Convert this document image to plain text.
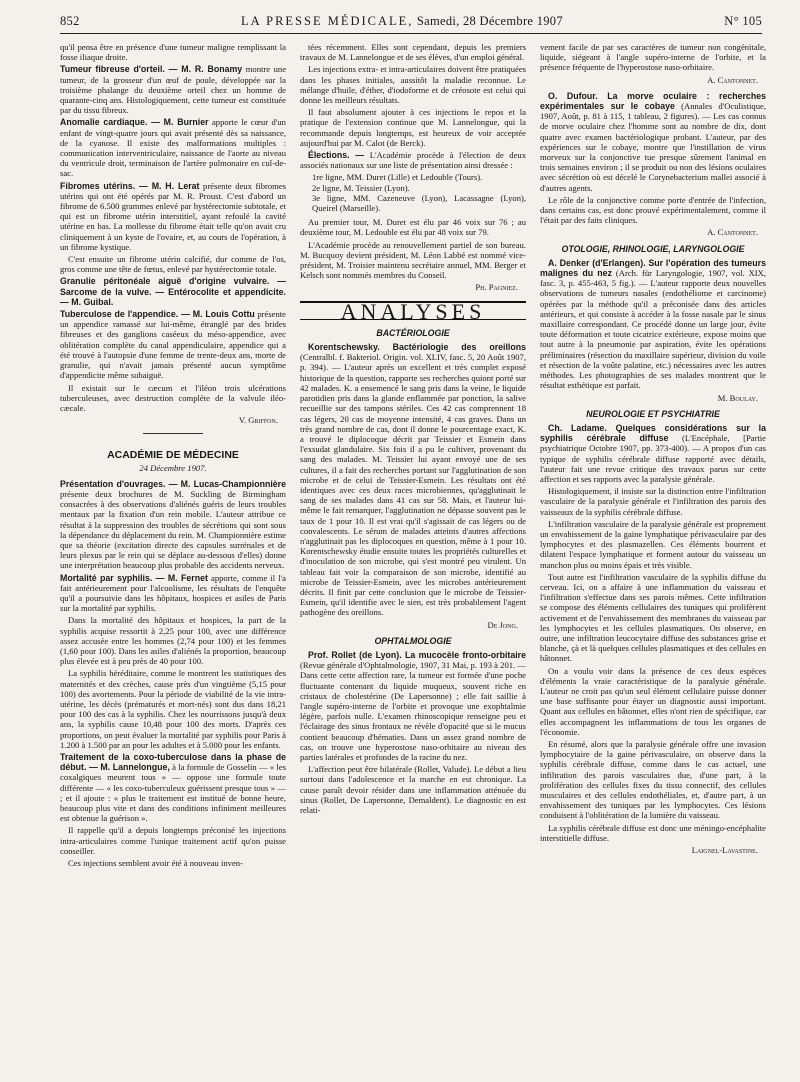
852	LA PRESSE MÉDICALE, Samedi, 28 Décembre 1907	N° 105

qu'il pensa être en présence d'une tumeur maligne remplissant la fosse iliaque droite.

Tumeur fibreuse d'orteil. — M. R. Bonamy montre une tumeur, de la grosseur d'un œuf de poule, développée sur la troisième phalange du deuxième orteil chez un homme de quarante-cinq ans. Histologiquement, cette tumeur est constituée par du tissu fibreux.

Anomalie cardiaque. — M. Burnier apporte le cœur d'un enfant de vingt-quatre jours qui avait présenté dès sa naissance, de la cyanose. Il existe des malformations multiples : communication interventriculaire, naissance de l'aorte au niveau du ventricule droit, terminaison de l'artère pulmonaire en cul-de-sac.

Fibromes utérins. — M. H. Lerat présente deux fibromes utérins qui ont été opérés par M. R. Proust. C'est d'abord un fibrome de 6.500 grammes enlevé par hystérectomie subtotale, et qui est un fibrome utérin interstitiel, ayant refoulé la cavité utérine en bas. La mollesse du fibrome était telle qu'on avait cru cliniquement à un kyste de l'ovaire, et, au cours de l'opération, à un fibrome kystique.

C'est ensuite un fibrome utérin calcifié, dur comme de l'os, gros comme une tête de fœtus, enlevé par hystérectomie totale.

Granulie péritonéale aiguë d'origine vulvaire. — Sarcome de la vulve. — Entérocolite et appendicite. — M. Guibal.

Tuberculose de l'appendice. — M. Louis Cottu présente un appendice ramassé sur lui-même, étranglé par des brides fibreuses et des ganglions caséeux du méso-appendice, avec oblitération complète du canal appendiculaire, appendice qui a été trouvé à l'autopsie d'une femme de trente-deux ans, morte de granulie, qui n'avait jamais présenté aucun symptôme d'appendicite même subaiguë.

Il existait sur le cæcum et l'iléon trois ulcérations tuberculeuses, avec destruction complète de la valvule iléo-cæcale.

V. Griffon.
ACADÉMIE DE MÉDECINE
24 Décembre 1907.

Présentation d'ouvrages. — M. Lucas-Championnière présente deux brochures de M. Suckling de Birmingham consacrées à des observations d'aliénés guéris de leurs troubles mentaux par la fixation d'un rein mobile. L'auteur attribue ce résultat à la suppression des troubles de sécrétions qui sont sous la dépendance du déplacement du rein. M. Championnière estime que sa théorie (excitation directe des capsules surrénales et de leurs plexus par le rein qui se déplace au-dessous d'elles) donne une interprétation beaucoup plus probable des accidents nerveux.

Mortalité par syphilis. — M. Fernet apporte, comme il l'a fait antérieurement pour l'alcoolisme, les résultats de l'enquête qu'il a poursuivie dans les hôpitaux, hospices et asiles de Paris sur la mortalité par syphilis.

Dans la mortalité des hôpitaux et hospices, la part de la syphilis acquise ressortit à 2,25 pour 100, avec une différence assez accusée entre les hommes (2,74 pour 100) et les femmes (1,60 pour 100). Dans les asiles d'aliénés la proportion, beaucoup plus élevée est à peu près de 40 pour 100.

La syphilis héréditaire, comme le montrent les statistiques des maternités et des crèches, cause près d'un vingtième (5,15 pour 100) des avortements. Pour la période de viabilité de la vie intra-utérine, les décès (prématurés et mort-nés) sont dus dans 18,21 pour 100 des cas à la syphilis. Chez les nourrissons jusqu'à deux ans, la syphilis cause 10,48 pour 100 des morts. D'après ces proportions, on peut évaluer la mortalité par syphilis pour Paris à 1.200 à 1.500 par an pour les adultes et à 5.000 pour les enfants.

Traitement de la coxo-tuberculose dans la phase de début. — M. Lannelongue, à la formule de Gosselin — « les coxalgiques meurent tous » — oppose une formule toute différente — « les coxo-tuberculeux guérissent presque tous » — ; et il ajoute : « plus le traitement est institué de bonne heure, beaucoup plus vite et dans des conditions infiniment meilleures est obtenue la guérison ».

Il rappelle qu'il a depuis longtemps préconisé les injections intra-articulaires comme l'unique traitement actif qu'on puisse conseiller.

Ces injections semblent avoir été à nouveau inven-

tées récemment. Elles sont cependant, depuis les premiers travaux de M. Lannelongue et de ses élèves, d'un emploi général.

Les injections extra- et intra-articulaires doivent être pratiquées dans les phases initiales, aussitôt la maladie reconnue. Le mélange d'huile, d'éther, d'iodoforme et de créosote est celui qui donne les meilleurs résultats.

Il faut absolument ajouter à ces injections le repos et la pratique de l'extension continue que M. Lannelongue, qui la recommande depuis longtemps, est heureux de voir acceptée aujourd'hui par M. Calot (de Berck).

Élections. — L'Académie procède à l'élection de deux associés nationaux sur une liste de présentation ainsi dressée :

1re ligne, MM. Duret (Lille) et Ledouble (Tours).
2e ligne, M. Teissier (Lyon).
3e ligne, MM. Cazeneuve (Lyon), Lacassagne (Lyon), Queirel (Marseille).

Au premier tour, M. Duret est élu par 46 voix sur 76 ; au deuxième tour, M. Ledouble est élu par 48 voix sur 79.

L'Académie procède au renouvellement partiel de son bureau. M. Bucquoy devient président, M. Léon Labbé est nommé vice-président, M. Troisier maintenu secrétaire annuel, MM. Berger et Kelsch sont nommés membres du Conseil.

Ph. Pagniez.
ANALYSES
BACTÉRIOLOGIE

Korentschewsky. Bactériologie des oreillons (Centralbl. f. Bakteriol. Origin. vol. XLIV, fasc. 5, 20 Août 1907, p. 394). — L'auteur après un excellent et très complet exposé historique de la question, rapporte ses recherches quiont porté sur 42 malades. K. a ensemencé le sang pris dans la veine, le liquide parotidien pris dans la glande enflammée par ponction, la salive recueillie sur des tampons stériles. Ces 42 cas comprennent 18 cas légers, 20 cas de moyenne intensité, 4 cas graves. Dans un très grand nombre de cas, dont il donne le pourcentage exact, K. a trouvé le diplocoque décrit par Teissier et Esmein dans l'exsudat glandulaire. Six fois il a pu le cultiver, provenant du sang des malades. M. Teissier lui ayant envoyé une de ses cultures, il a fait des recherches portant sur l'agglutination de son microbe et de celui de Teissier-Esmein. Les résultats ont été identiques avec ces deux races microbiennes, qu'agglutinait le sang de ses malades dans 41 cas sur 58. Mais, et l'auteur lui-même le fait remarquer, l'agglutination ne dépasse souvent pas le taux de 1 pour 10. Il est vrai qu'il s'agissait de cas légers ou de convalescents. Le sérum de malades atteints d'autres affections n'agglutinait pas les diplocoques en question, même à 1 pour 10. Korentschewsky étudie ensuite toutes les propriétés culturelles et d'inoculation de son microbe, qui s'est montré peu virulent. Un tableau fait voir la comparaison de son microbe, identifié au microbe de Teissier-Esmein, avec les microbes antérieurement décrits. Il finit par cette conclusion que le microbe de Teissier-Esmein, qu'il identifie avec le sien, est très probablement l'agent pathogène des oreillons.

De Jong.
OPHTALMOLOGIE

Prof. Rollet (de Lyon). La mucocèle fronto-orbitaire (Revue générale d'Ophtalmologie, 1907, 31 Mai, p. 193 à 201. — Dans cette cette affection rare, la tumeur est formée d'une poche fluctuante contenant du liquide muqueux, souvent riche en cristaux de cholestérine (De Lapersonne) ; elle fait saillie à l'angle supéro-interne de l'orbite et provoque une exophtalmie légère, parfois nulle. L'examen rhinoscopique renseigne peu et l'éclairage des sinus frontaux ne révèle d'opacité que si le mucus contient beaucoup d'hématies. Dans un assez grand nombre de cas, on trouve une hyperostose naso-orbitaire au niveau des parties latérales et profondes de la racine du nez.

L'affection peut être bilatérale (Rollet, Valude). Le début a lieu surtout dans l'adolescence et la marche en est chronique. La cause paraît devoir résider dans une inflammation atténuée du sinus (Rollet, De Lapersonne, Demaldent). Le diagnostic en est relati-

vement facile de par ses caractères de tumeur non congénitale, liquide, siégeant à l'angle supéro-interne de l'orbite, et la présence fréquente de l'hyperostose naso-orbitaire.

A. Cantonnet.

O. Dufour. La morve oculaire : recherches expérimentales sur le cobaye (Annales d'Oculistique, 1907, Août, p. 81 à 115, 1 tableau, 2 figures). — Les cas connus de morve oculaire chez l'homme sont au nombre de dix, dont quatre avec examen bactériologique probant. L'auteur, par des expériences sur le cobaye, montre que l'instillation de virus morveux sur la conjonctive tue presque sûrement l'animal en trois semaines environ ; il se produit ou non des lésions oculaires avec sécrétion où est décelé le Corynebacterium mallei associé à d'autres agents.

Le rôle de la conjonctive comme porte d'entrée de l'infection, dans certains cas, est donc prouvé expérimentalement, comme il l'était par des faits cliniques.

A. Cantonnet.
OTOLOGIE, RHINOLOGIE, LARYNGOLOGIE

A. Denker (d'Erlangen). Sur l'opération des tumeurs malignes du nez (Arch. für Laryngologie, 1907, vol. XIX, fasc. 3, p. 455-463, 5 fig.). — L'auteur rapporte deux nouvelles observations de tumeurs nasales (endothéliome et carcinome) opérées par la méthode qu'il a préconisée dans des articles antérieurs, et qui consiste à accéder à la fosse nasale par le sinus maxillaire correspondant. Ce procédé donne un large jour, évite toute déformation et toute cicatrice extérieure, expose moins que tout autre à la pneumonie par aspiration, évite les opérations préliminaires (résection du maxillaire supérieur, division du voile et résection de la voûte palatine, etc.) nécessaires avec les autres méthodes. Les photographies de ses malades montrent que le résultat esthétique est parfait.

M. Boulay.
NEUROLOGIE ET PSYCHIATRIE

Ch. Ladame. Quelques considérations sur la syphilis cérébrale diffuse (L'Encéphale, [Partie psychiatrique Octobre 1907, pp. 373-400). — A propos d'un cas typique de syphilis cérébrale diffuse rapporté avec détails, l'auteur fait une revue critique des travaux parus sur cette affection et ses rapports avec la paralysie générale.

Histologiquement, il insiste sur la distinction entre l'infiltration vasculaire de la paralysie générale et l'infiltration des parois des vaisseaux de la syphilis cérébrale diffuse.

L'infiltration vasculaire de la paralysie générale est proprement un envahissement de la gaine lymphatique périvasculaire par des lymphocytes et des plasmazellen. Ces éléments bourrent et dilatent l'espace lymphatique et forment autour du vaisseau un manchon plus ou moins épais et très visible.

Tout autre est l'infiltration vasculaire de la syphilis diffuse du cerveau. Ici, on a affaire à une inflammation du vaisseau et l'infiltration s'effectue dans ses parois mêmes. Cette infiltration se compose des éléments cellulaires des tuniques qui prolifèrent activement et de l'envahissement des membranes du vaisseau par les lymphocytes et les cellules plasmatiques. On observe, en outre, une infiltration leucocytaire diffuse des substances grise et blanche, çà et là quelques cellules plasmatiques et des cellules en bâtonnet.

On a voulu voir dans la présence de ces deux espèces d'éléments la vraie caractéristique de la paralysie générale. L'auteur ne croit pas qu'un seul élément cellulaire puisse donner une base suffisante pour étayer un diagnostic aussi important. Quant aux cellules en bâtonnet, elles n'ont rien de spécifique, car elles accompagnent les inflammations de tous les organes de l'économie.

En résumé, alors que la paralysie générale offre une invasion lymphocytaire de la gaine périvasculaire, on observe dans la syphilis cérébrale diffuse, comme dans le cas actuel, une infiltration des parois vasculaires due, d'une part, à la prolifération des cellules fixes du tissu connectif, des cellules musculaires et des cellules endothéliales, et, d'autre part, à un envahissement des tuniques par les lymphocytes. Ces lésions conduisent à l'oblitération de la lumière du vaisseau.

La syphilis cérébrale diffuse est donc une méningo-encéphalite interstitielle diffuse.

Laignel-Lavastine.
